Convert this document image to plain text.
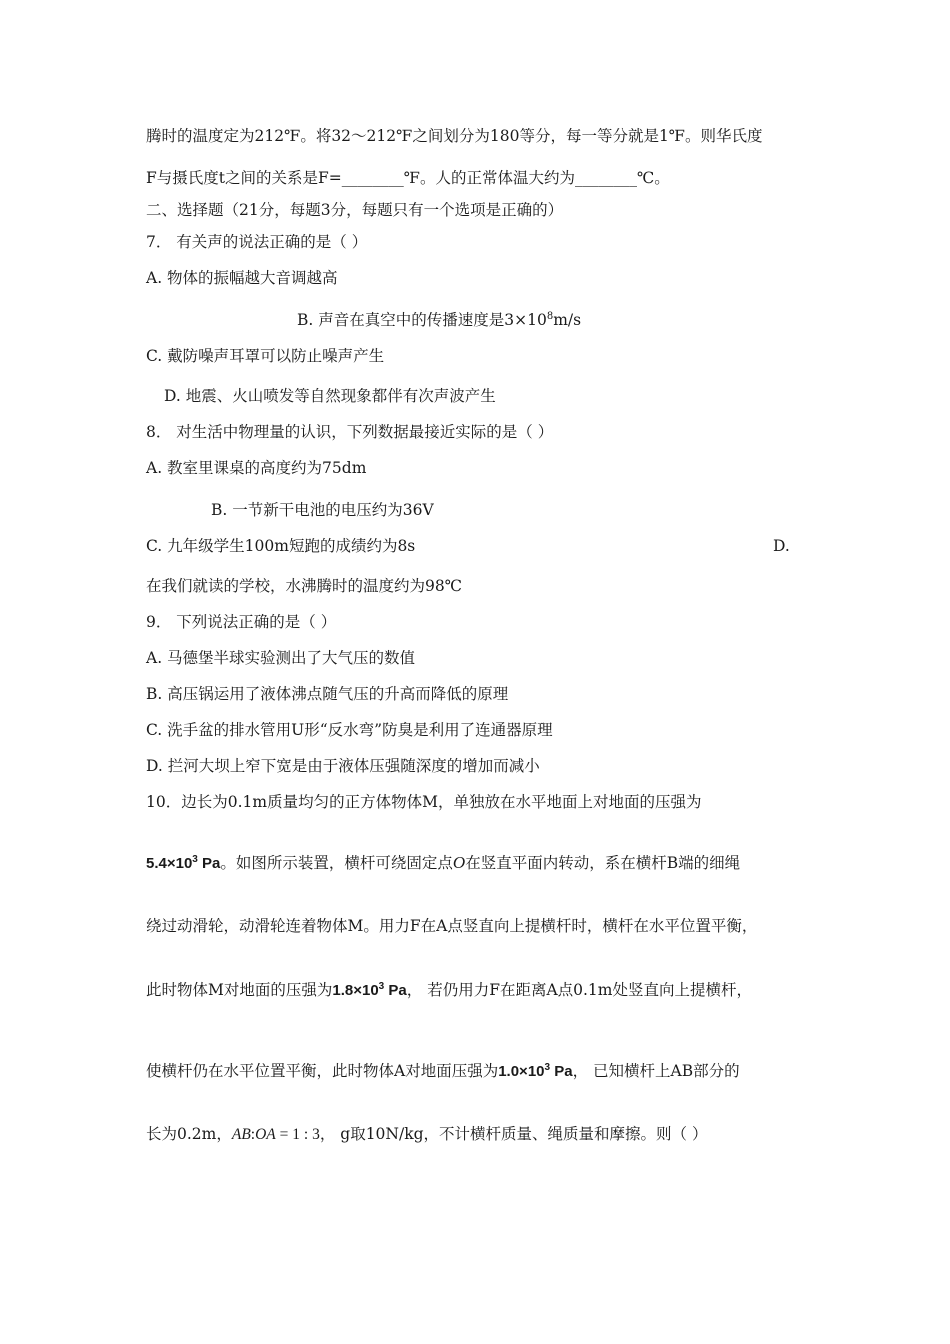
腾时的温度定为212℉。将32～212℉之间划分为180等分，每一等分就是1℉。则华氏度
F与摄氏度t之间的关系是F=________℉。人的正常体温大约为________℃。
二、选择题（21分，每题3分，每题只有一个选项是正确的）
7． 有关声的说法正确的是（ ）
A. 物体的振幅越大音调越高
B. 声音在真空中的传播速度是$3\times 10^8m/s$
C. 戴防噪声耳罩可以防止噪声产生
D. 地震、火山喷发等自然现象都伴有次声波产生
8． 对生活中物理量的认识，下列数据最接近实际的是（ ）
A. 教室里课桌的高度约为75dm
B. 一节新干电池的电压约为36V
C. 九年级学生100m短跑的成绩约为8s	D.
在我们就读的学校，水沸腾时的温度约为98℃
9． 下列说法正确的是（ ）
A. 马德堡半球实验测出了大气压的数值
B. 高压锅运用了液体沸点随气压的升高而降低的原理
C. 洗手盆的排水管用U形“反水弯”防臭是利用了连通器原理
D. 拦河大坝上窄下宽是由于液体压强随深度的增加而减小
10．边长为0.1m质量均匀的正方体物体M，单独放在水平地面上对地面的压强为
$5.4\times 10^3$ Pa。如图所示装置，横杆可绕固定点O在竖直平面内转动，系在横杆B端的细绳
绕过动滑轮，动滑轮连着物体M。用力F在A点竖直向上提横杆时，横杆在水平位置平衡，
此时物体M对地面的压强为$1.8\times 10^3$ Pa， 若仍用力F在距离A点0.1m处竖直向上提横杆，
使横杆仍在水平位置平衡，此时物体A对地面压强为$1.0\times 10^3$ Pa， 已知横杆上AB部分的
长为0.2m，AB:OA = 1 : 3， g取10N/kg，不计横杆质量、绳质量和摩擦。则（ ）
